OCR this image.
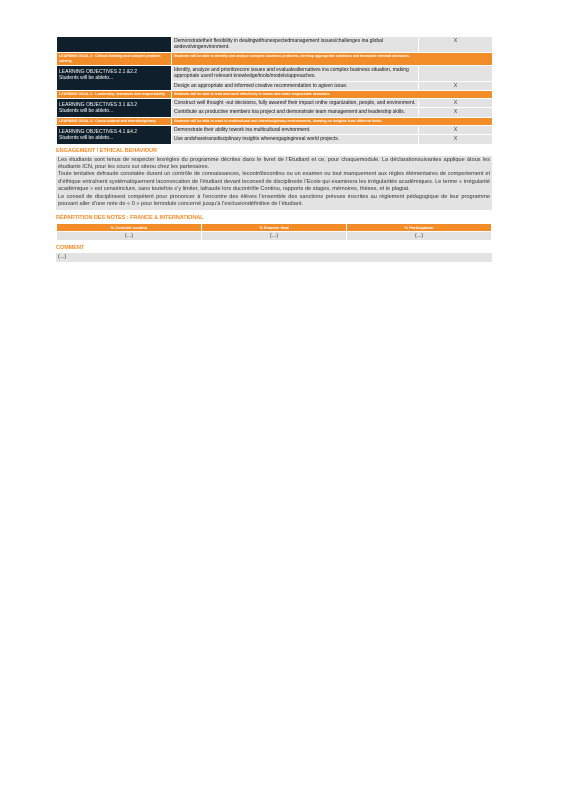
	Demonstratetheir flexibility in dealingwithunexpectedmanagement issues/challenges ina global andevolvingenvironment.	X
LEARNING GOAL 2 : Critical thinking and complex problem solving	Students will be able to identify and analyze complex business problems, develop appropriate solutions and formulate relevant decisions.	

LEARNING OBJECTIVES 2.1 &2.2
Students will be ableto...	Identify, analyze and prioritizecore issues and evaluatealternatives ina complex business situation, making appropriate useof relevant knowledge/tools/models/approaches.	
	Design an appropriate and informed creative recommendation to agiven issue.	X
LEARNING GOAL 3 : Leadership, teamwork and responsibility	Students will be able to lead and work effectively in teams and make responsible decisions.	

LEARNING OBJECTIVES 3.1 &3.2
Students will be ableto...	Construct well thought -out decisions, fully awareof their impact onthe organization, people, and environment.	X
	Contribute as productive members toa project and demonstrate team management and leadership skills.	X
LEARNING GOAL 4 : Cross-cultural and interdisciplinary	Students will be able to work in multicultural and interdisciplinary environments, drawing on insights from different fields.	

LEARNING OBJECTIVES 4.1 &4.2
Students will be ableto...	Demonstrate their ability towork ina multicultural environment.	X
	Use andsharetransdisciplinary insights whenengaginginreal world projects.	X
ENGAGEMENT ! ETHICAL BEHAVIOUR

Les étudiants sont tenus de respecter lesrègles du programme décrites dans le livret de l’Etudiant et ce, pour chaquemodule. La déclarationsuivantes applique àtous les étudiants ICN, pour les cours sur siteou chez les partenaires.

Toute tentative defraude constatée durant un contrôle de connaissances, lecontrôlecontinu ou un examen ou tout manquement aux règles élémentaires de comportement et d’éthique entraînent systématiquement laconvocation de l’étudiant devant leconseil de disciplinede l’Ecole qui examinera les irrégularités académiques. Le terme « irrégularité académique » est censéinclure, sans toutefois s’y limiter, lafraude lors ducontrôle Continu, rapports de stages, mémoires, thèses, et le plagiat.

Le conseil de disciplineest compétent pour prononcer à l’encontre des élèves l’ensemble des sanctions prévues inscrites au règlement pédagogique de leur programme pouvant aller d’une note de « 0 » pour lemodule concerné jusqu’à l’exclusiondéfinitive de l’étudiant.

RÉPARTITION DES NOTES : FRANCE & INTERNATIONAL
% Contrôle continu	% Examen final	% Participation
(...)	(...)	(...)
COMMENT
(...)
